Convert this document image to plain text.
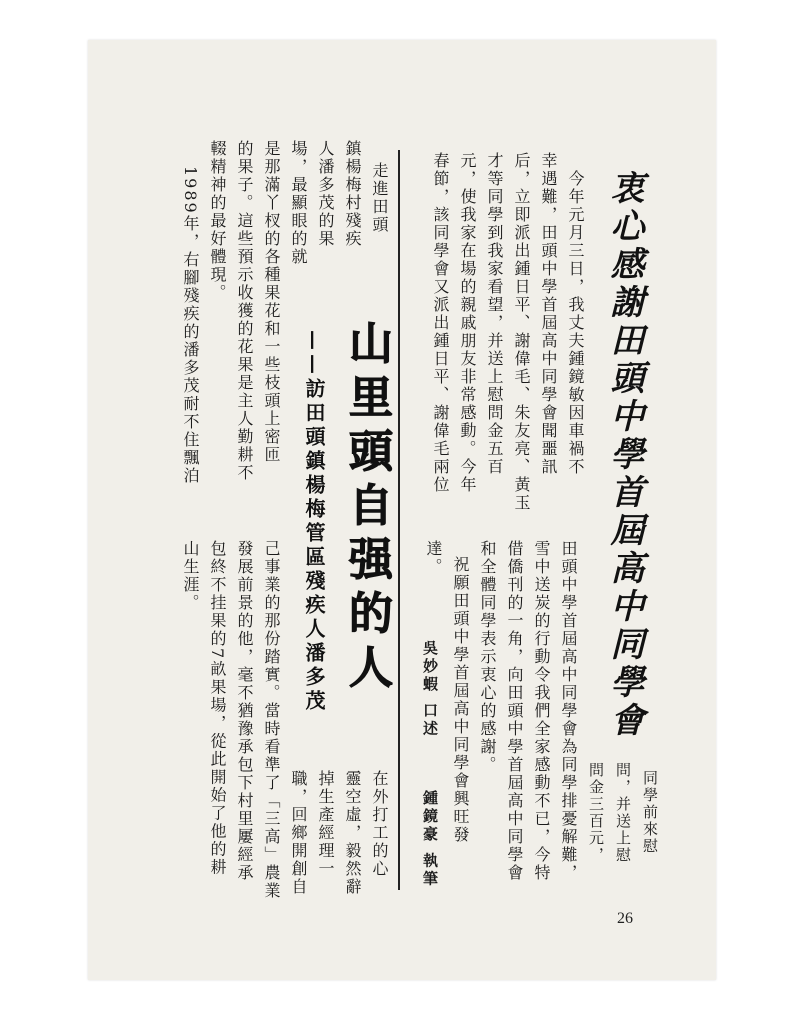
衷心感謝田頭中學首屆高中同學會
今年元月三日，我丈夫鍾鏡敏因車禍不
幸遇難，田頭中學首屆高中同學會聞噩訊
后，立即派出鍾日平、謝偉毛、朱友亮、黃玉
才等同學到我家看望，并送上慰問金五百
元，使我家在場的親戚朋友非常感動。今年
春節，該同學會又派出鍾日平、謝偉毛兩位
同學前來慰
問，并送上慰
問金三百元，
田頭中學首屆高中同學會為同學排憂解難，
雪中送炭的行動令我們全家感動不已，今特
借僑刊的一角，向田頭中學首屆高中同學會
和全體同學表示衷心的感謝。
祝願田頭中學首屆高中同學會興旺發
達。
吳妙蝦 口述
鍾鏡豪 執筆
山里頭自强的人
——訪田頭鎮楊梅管區殘疾人潘多茂
走進田頭
鎮楊梅村殘疾
人潘多茂的果
場，最顯眼的就
是那滿丫杈的各種果花和一些枝頭上密匝
的果子。這些預示收獲的花果是主人勤耕不
輟精神的最好體現。
1989年，右腳殘疾的潘多茂耐不住飄泊
山生涯。
在外打工的心
靈空虛，毅然辭
掉生產經理一
職，回鄉開創自
己事業的那份踏實。當時看準了「三高」農業
發展前景的他，毫不猶豫承包下村里屢經承
包終不挂果的7畝果場，從此開始了他的耕
26
